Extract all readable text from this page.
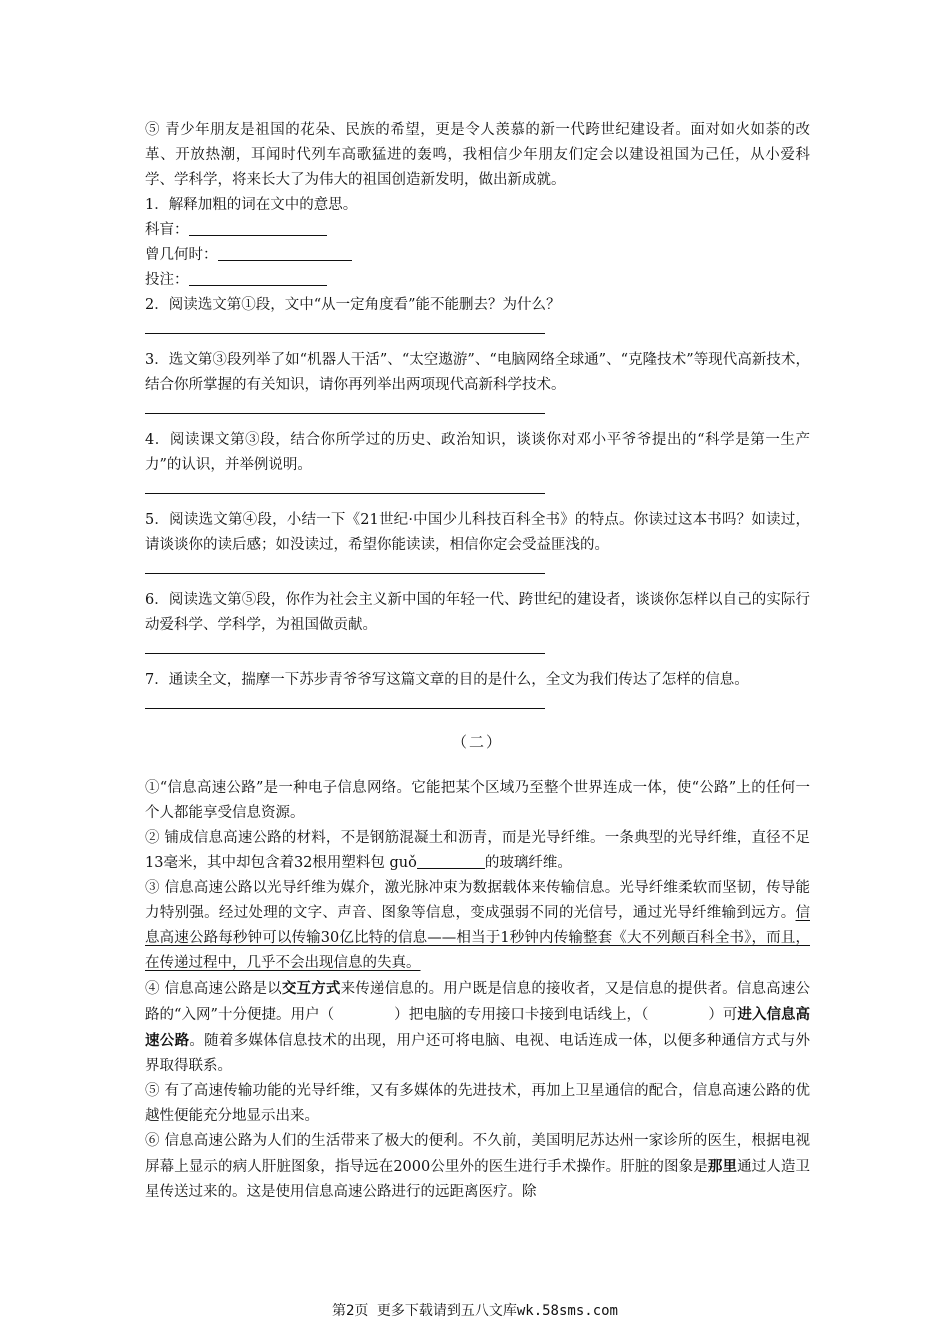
⑤ 青少年朋友是祖国的花朵、民族的希望，更是令人羡慕的新一代跨世纪建设者。面对如火如荼的改革、开放热潮，耳闻时代列车高歌猛进的轰鸣，我相信少年朋友们定会以建设祖国为己任，从小爱科学、学科学，将来长大了为伟大的祖国创造新发明，做出新成就。

1．解释加粗的词在文中的意思。

科盲：

曾几何时：

投注：

2．阅读选文第①段，文中“从一定角度看”能不能删去？为什么？

3．选文第③段列举了如“机器人干活”、“太空遨游”、“电脑网络全球通”、“克隆技术”等现代高新技术，结合你所掌握的有关知识，请你再列举出两项现代高新科学技术。

4．阅读课文第③段，结合你所学过的历史、政治知识，谈谈你对邓小平爷爷提出的“科学是第一生产力”的认识，并举例说明。

5．阅读选文第④段，小结一下《21世纪·中国少儿科技百科全书》的特点。你读过这本书吗？如读过，请谈谈你的读后感；如没读过，希望你能读读，相信你定会受益匪浅的。

6．阅读选文第⑤段，你作为社会主义新中国的年轻一代、跨世纪的建设者，谈谈你怎样以自己的实际行动爱科学、学科学，为祖国做贡献。

7．通读全文，揣摩一下苏步青爷爷写这篇文章的目的是什么，全文为我们传达了怎样的信息。

（二）

①“信息高速公路”是一种电子信息网络。它能把某个区域乃至整个世界连成一体，使“公路”上的任何一个人都能享受信息资源。

② 铺成信息高速公路的材料，不是钢筋混凝土和沥青，而是光导纤维。一条典型的光导纤维，直径不足13毫米，其中却包含着32根用塑料包 guǒ	的玻璃纤维。

③ 信息高速公路以光导纤维为媒介，激光脉冲束为数据载体来传输信息。光导纤维柔软而坚韧，传导能力特别强。经过处理的文字、声音、图象等信息，变成强弱不同的光信号，通过光导纤维输到远方。信息高速公路每秒钟可以传输30亿比特的信息——相当于1秒钟内传输整套《大不列颠百科全书》，而且，在传递过程中，几乎不会出现信息的失真。

④ 信息高速公路是以交互方式来传递信息的。用户既是信息的接收者，又是信息的提供者。信息高速公路的“入网”十分便捷。用户（	）把电脑的专用接口卡接到电话线上，（	）可进入信息高速公路。随着多媒体信息技术的出现，用户还可将电脑、电视、电话连成一体，以便多种通信方式与外界取得联系。

⑤ 有了高速传输功能的光导纤维，又有多媒体的先进技术，再加上卫星通信的配合，信息高速公路的优越性便能充分地显示出来。

⑥ 信息高速公路为人们的生活带来了极大的便利。不久前，美国明尼苏达州一家诊所的医生，根据电视屏幕上显示的病人肝脏图象，指导远在2000公里外的医生进行手术操作。肝脏的图象是那里通过人造卫星传送过来的。这是使用信息高速公路进行的远距离医疗。除

第2页 更多下载请到五八文库wk.58sms.com
